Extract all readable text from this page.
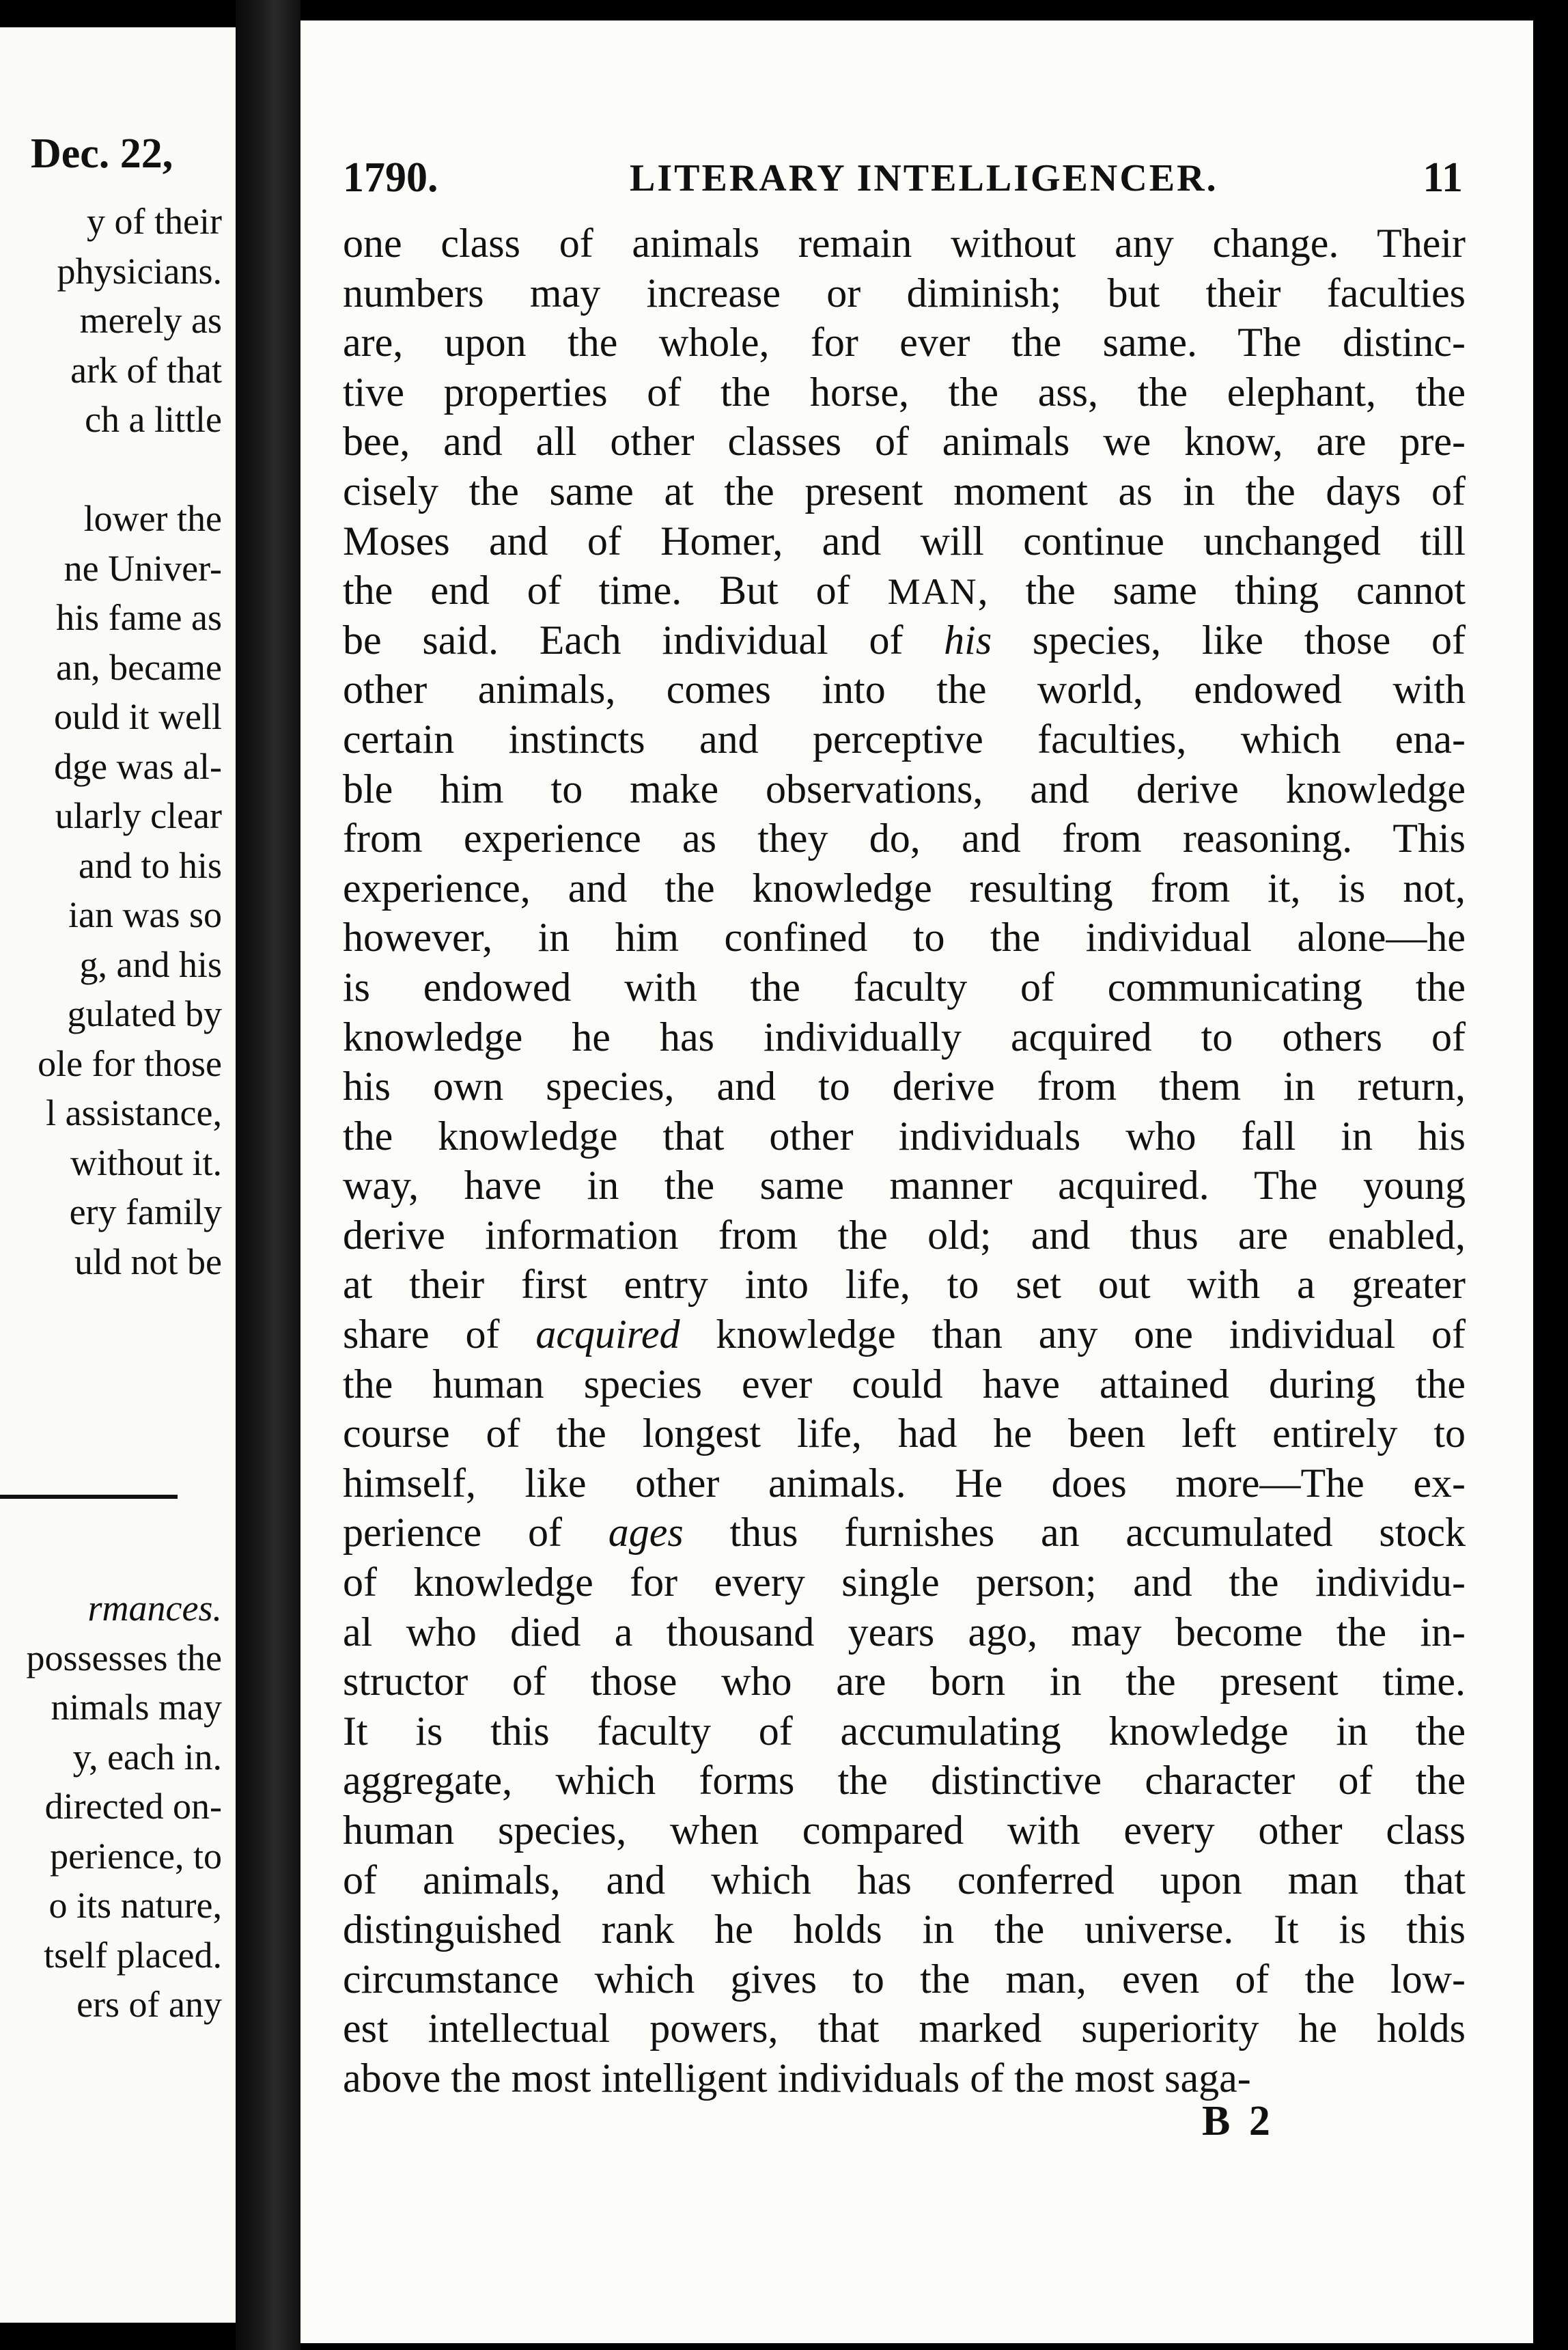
Dec. 22,
y of their
physicians.
merely as
ark of that
ch a little
lower the
ne Univer-
his fame as
an, became
ould it well
dge was al-
ularly clear
and to his
ian was so
g, and his
gulated by
ole for those
l assistance,
without it.
ery family
uld not be
rmances.
possesses the
nimals may
y, each in.
directed on-
perience, to
o its nature,
tself placed.
ers of any
1790.	LITERARY INTELLIGENCER.	11
one class of animals remain without any change. Their
numbers may increase or diminish; but their faculties
are, upon the whole, for ever the same. The distinc-
tive properties of the horse, the ass, the elephant, the
bee, and all other classes of animals we know, are pre-
cisely the same at the present moment as in the days of
Moses and of Homer, and will continue unchanged till
the end of time. But of MAN, the same thing cannot
be said. Each individual of his species, like those of
other animals, comes into the world, endowed with
certain instincts and perceptive faculties, which ena-
ble him to make observations, and derive knowledge
from experience as they do, and from reasoning. This
experience, and the knowledge resulting from it, is not,
however, in him confined to the individual alone—he
is endowed with the faculty of communicating the
knowledge he has individually acquired to others of
his own species, and to derive from them in return,
the knowledge that other individuals who fall in his
way, have in the same manner acquired. The young
derive information from the old; and thus are enabled,
at their first entry into life, to set out with a greater
share of acquired knowledge than any one individual of
the human species ever could have attained during the
course of the longest life, had he been left entirely to
himself, like other animals. He does more—The ex-
perience of ages thus furnishes an accumulated stock
of knowledge for every single person; and the individu-
al who died a thousand years ago, may become the in-
structor of those who are born in the present time.
It is this faculty of accumulating knowledge in the
aggregate, which forms the distinctive character of the
human species, when compared with every other class
of animals, and which has conferred upon man that
distinguished rank he holds in the universe. It is this
circumstance which gives to the man, even of the low-
est intellectual powers, that marked superiority he holds
above the most intelligent individuals of the most saga-
B 2
